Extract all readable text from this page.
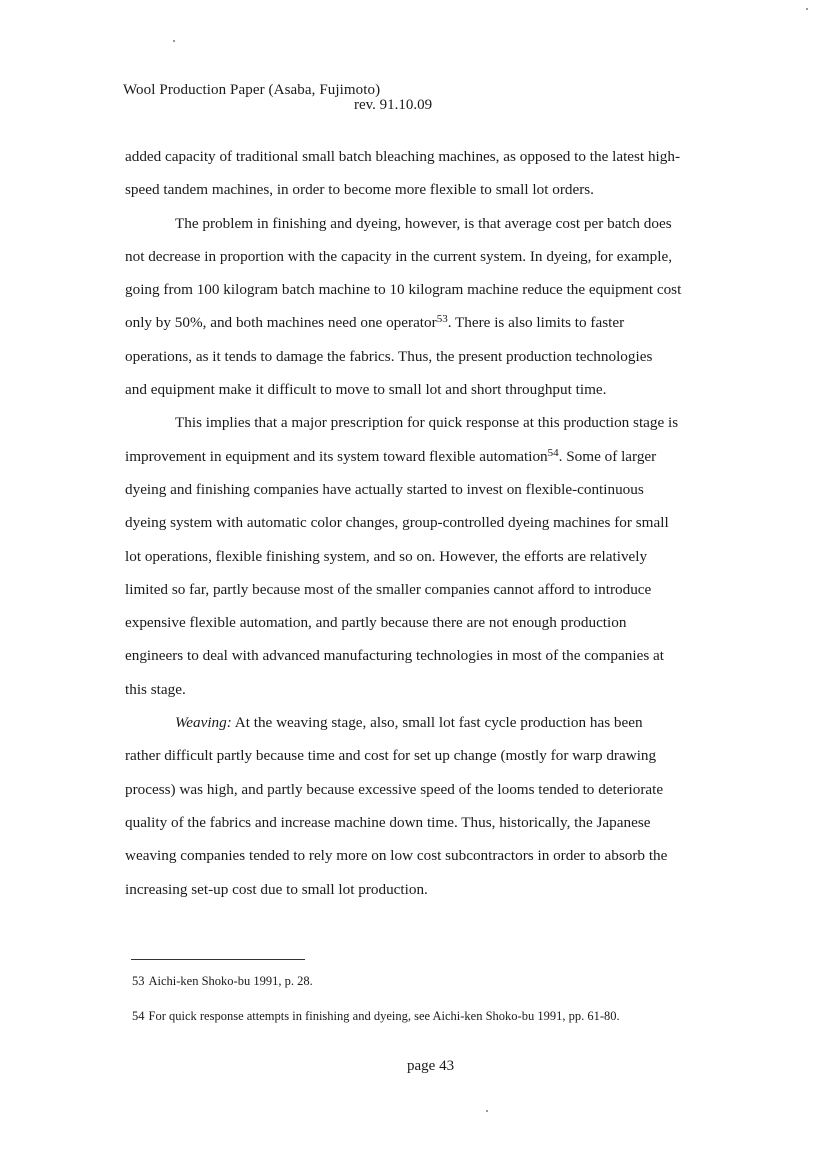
Wool Production Paper (Asaba, Fujimoto)
rev. 91.10.09

added capacity of traditional small batch bleaching machines, as opposed to the latest high-
speed tandem machines, in order to become more flexible to small lot orders.

The problem in finishing and dyeing, however, is that average cost per batch does
not decrease in proportion with the capacity in the current system. In dyeing, for example,
going from 100 kilogram batch machine to 10 kilogram machine reduce the equipment cost
only by 50%, and both machines need one operator$^{53}$. There is also limits to faster
operations, as it tends to damage the fabrics. Thus, the present production technologies
and equipment make it difficult to move to small lot and short throughput time.

This implies that a major prescription for quick response at this production stage is
improvement in equipment and its system toward flexible automation$^{54}$. Some of larger
dyeing and finishing companies have actually started to invest on flexible-continuous
dyeing system with automatic color changes, group-controlled dyeing machines for small
lot operations, flexible finishing system, and so on. However, the efforts are relatively
limited so far, partly because most of the smaller companies cannot afford to introduce
expensive flexible automation, and partly because there are not enough production
engineers to deal with advanced manufacturing technologies in most of the companies at
this stage.

Weaving: At the weaving stage, also, small lot fast cycle production has been
rather difficult partly because time and cost for set up change (mostly for warp drawing
process) was high, and partly because excessive speed of the looms tended to deteriorate
quality of the fabrics and increase machine down time. Thus, historically, the Japanese
weaving companies tended to rely more on low cost subcontractors in order to absorb the
increasing set-up cost due to small lot production.

53 Aichi-ken Shoko-bu 1991, p. 28.
54 For quick response attempts in finishing and dyeing, see Aichi-ken Shoko-bu 1991, pp. 61-80.
page 43
